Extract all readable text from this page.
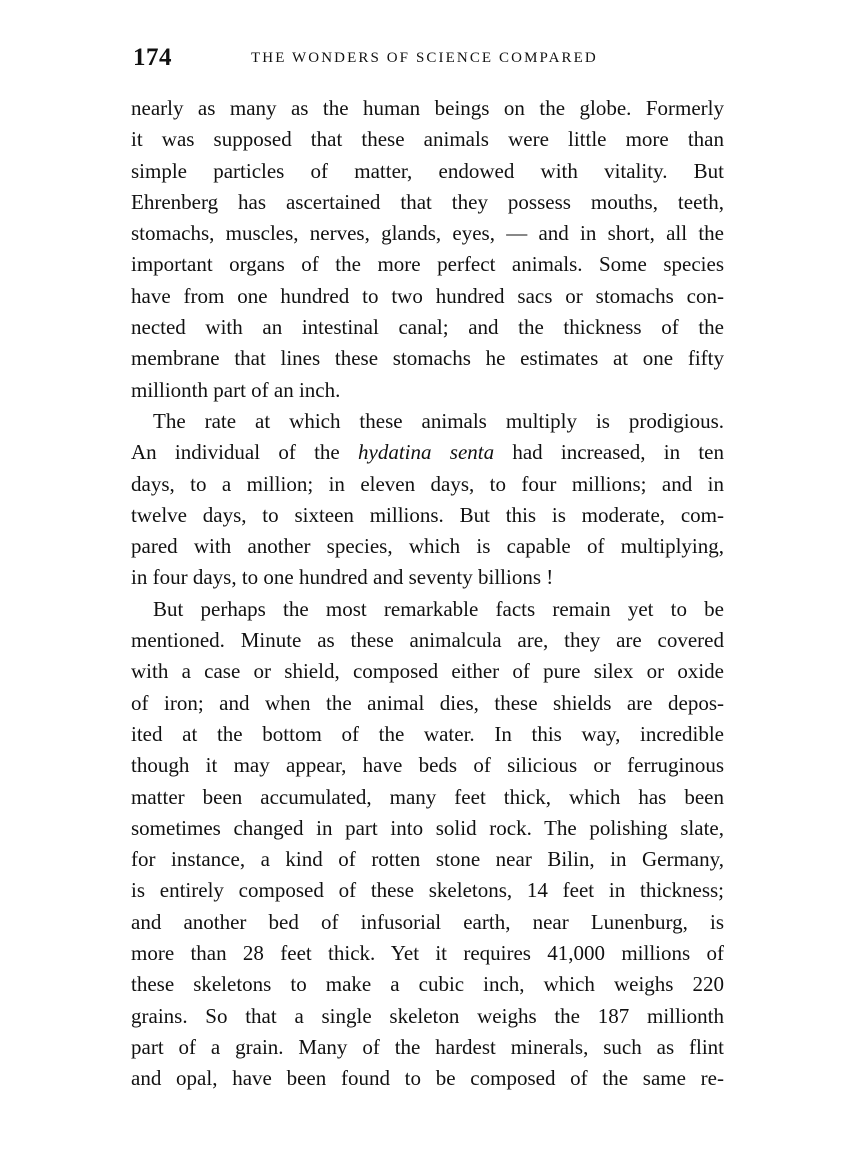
174	THE WONDERS OF SCIENCE COMPARED
nearly as many as the human beings on the globe. Formerly
it was supposed that these animals were little more than
simple particles of matter, endowed with vitality. But
Ehrenberg has ascertained that they possess mouths, teeth,
stomachs, muscles, nerves, glands, eyes, — and in short, all the
important organs of the more perfect animals. Some species
have from one hundred to two hundred sacs or stomachs con-
nected with an intestinal canal; and the thickness of the
membrane that lines these stomachs he estimates at one fifty
millionth part of an inch.
The rate at which these animals multiply is prodigious.
An individual of the hydatina senta had increased, in ten
days, to a million; in eleven days, to four millions; and in
twelve days, to sixteen millions. But this is moderate, com-
pared with another species, which is capable of multiplying,
in four days, to one hundred and seventy billions !
But perhaps the most remarkable facts remain yet to be
mentioned. Minute as these animalcula are, they are covered
with a case or shield, composed either of pure silex or oxide
of iron; and when the animal dies, these shields are depos-
ited at the bottom of the water. In this way, incredible
though it may appear, have beds of silicious or ferruginous
matter been accumulated, many feet thick, which has been
sometimes changed in part into solid rock. The polishing slate,
for instance, a kind of rotten stone near Bilin, in Germany,
is entirely composed of these skeletons, 14 feet in thickness;
and another bed of infusorial earth, near Lunenburg, is
more than 28 feet thick. Yet it requires 41,000 millions of
these skeletons to make a cubic inch, which weighs 220
grains. So that a single skeleton weighs the 187 millionth
part of a grain. Many of the hardest minerals, such as flint
and opal, have been found to be composed of the same re-
